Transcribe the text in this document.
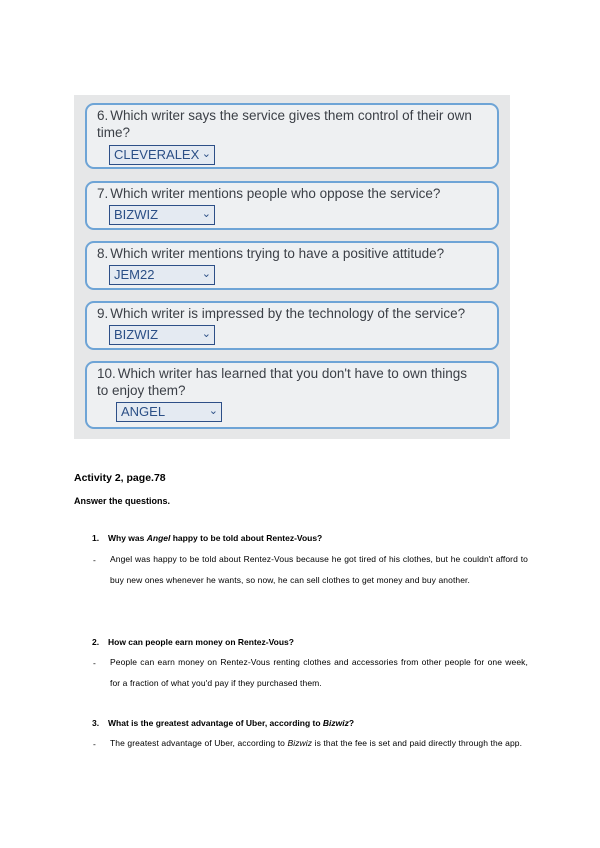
6. Which writer says the service gives them control of their own time?
CLEVERALEX ⌄
7. Which writer mentions people who oppose the service?
BIZWIZ	⌄
8. Which writer mentions trying to have a positive attitude?
JEM22	⌄
9. Which writer is impressed by the technology of the service?
BIZWIZ	⌄
10. Which writer has learned that you don't have to own things to enjoy them?
ANGEL	⌄
Activity 2, page.78
Answer the questions.
1. Why was Angel happy to be told about Rentez-Vous?
- Angel was happy to be told about Rentez-Vous because he got tired of his clothes, but he couldn't afford to buy new ones whenever he wants, so now, he can sell clothes to get money and buy another.
2. How can people earn money on Rentez-Vous?
- People can earn money on Rentez-Vous renting clothes and accessories from other people for one week, for a fraction of what you'd pay if they purchased them.
3. What is the greatest advantage of Uber, according to Bizwiz?
- The greatest advantage of Uber, according to Bizwiz is that the fee is set and paid directly through the app.
